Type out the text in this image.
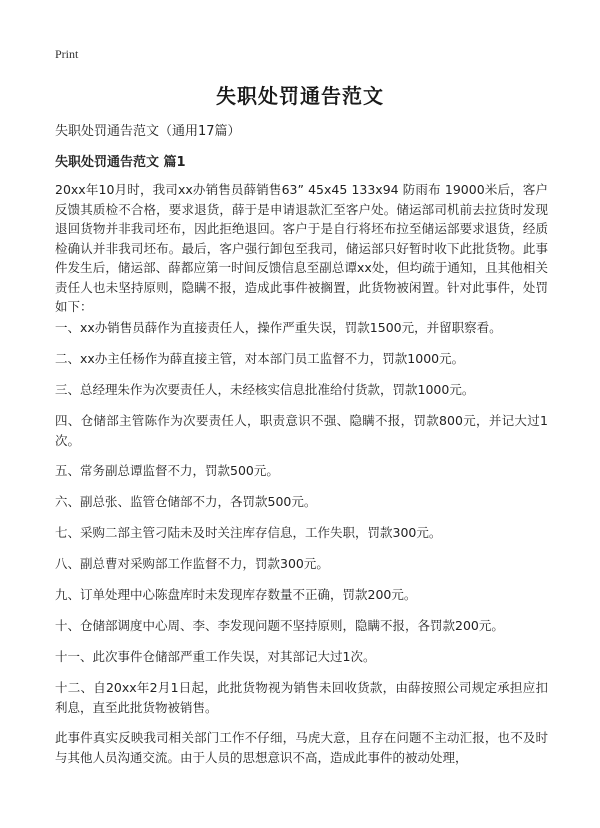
Print
失职处罚通告范文
失职处罚通告范文（通用17篇）
失职处罚通告范文 篇1
20xx年10月时，我司xx办销售员薛销售63” 45x45 133x94 防雨布 19000米后，客户反馈其质检不合格，要求退货，薛于是申请退款汇至客户处。储运部司机前去拉货时发现退回货物并非我司坯布，因此拒绝退回。客户于是自行将坯布拉至储运部要求退货，经质检确认并非我司坯布。最后，客户强行卸包至我司，储运部只好暂时收下此批货物。此事件发生后，储运部、薛都应第一时间反馈信息至副总谭xx处，但均疏于通知，且其他相关责任人也未坚持原则，隐瞒不报，造成此事件被搁置，此货物被闲置。针对此事件，处罚如下：
一、xx办销售员薛作为直接责任人，操作严重失误，罚款1500元，并留职察看。
二、xx办主任杨作为薛直接主管，对本部门员工监督不力，罚款1000元。
三、总经理朱作为次要责任人，未经核实信息批准给付货款，罚款1000元。
四、仓储部主管陈作为次要责任人，职责意识不强、隐瞒不报，罚款800元，并记大过1次。
五、常务副总谭监督不力，罚款500元。
六、副总张、监管仓储部不力，各罚款500元。
七、采购二部主管刁陆未及时关注库存信息，工作失职，罚款300元。
八、副总曹对采购部工作监督不力，罚款300元。
九、订单处理中心陈盘库时未发现库存数量不正确，罚款200元。
十、仓储部调度中心周、李、李发现问题不坚持原则，隐瞒不报，各罚款200元。
十一、此次事件仓储部严重工作失误，对其部记大过1次。
十二、自20xx年2月1日起，此批货物视为销售未回收货款，由薛按照公司规定承担应扣利息，直至此批货物被销售。
此事件真实反映我司相关部门工作不仔细，马虎大意，且存在问题不主动汇报，也不及时与其他人员沟通交流。由于人员的思想意识不高，造成此事件的被动处理，
